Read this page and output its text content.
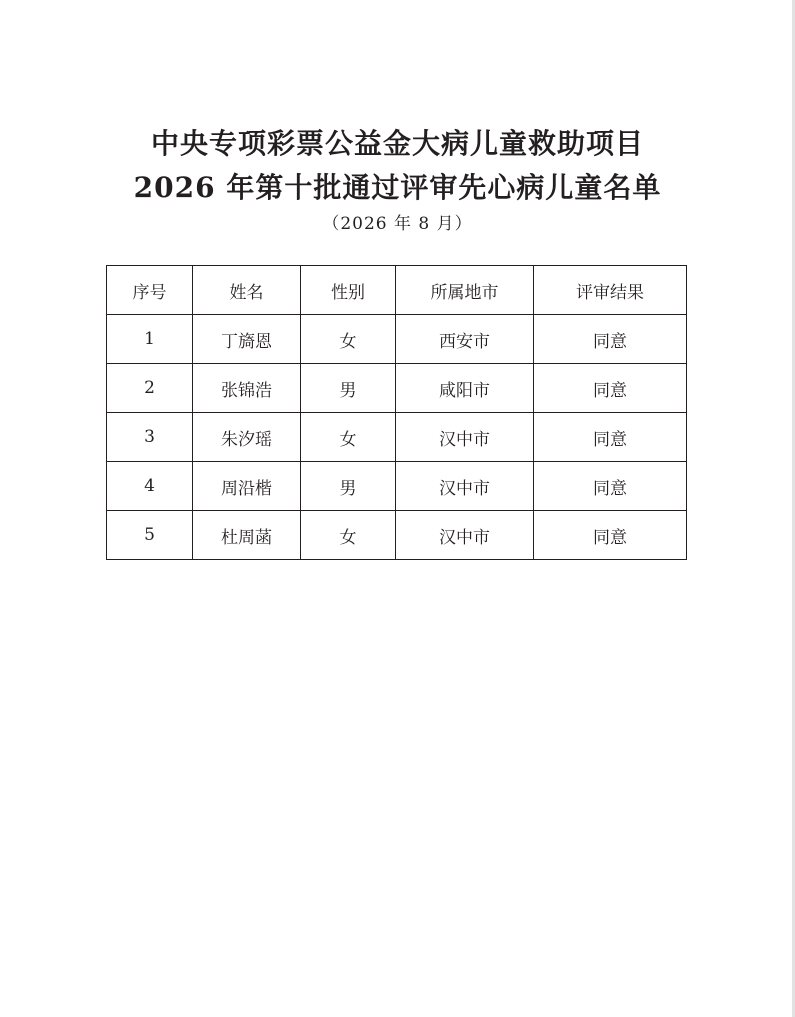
中央专项彩票公益金大病儿童救助项目
2026 年第十批通过评审先心病儿童名单
（2026 年 8 月）
序号	姓名	性别	所属地市	评审结果
1	丁旖恩	女	西安市	同意
2	张锦浩	男	咸阳市	同意
3	朱汐瑶	女	汉中市	同意
4	周沿楷	男	汉中市	同意
5	杜周菡	女	汉中市	同意
